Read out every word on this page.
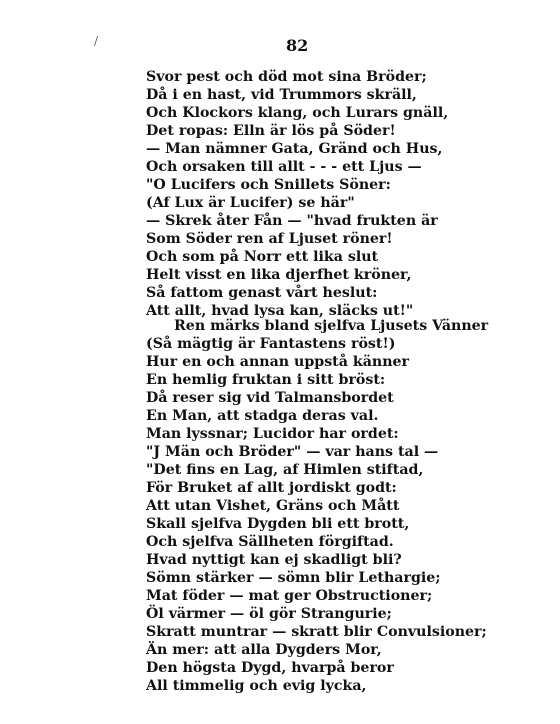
/	82
Svor pest och död mot sina Bröder;
Då i en hast, vid Trummors skräll,
Och Klockors klang, och Lurars gnäll,
Det ropas: Elln är lös på Söder!
— Man nämner Gata, Gränd och Hus,
Och orsaken till allt - - - ett Ljus —
"O Lucifers och Snillets Söner:
(Af Lux är Lucifer) se här"
— Skrek åter Fån — "hvad frukten är
Som Söder ren af Ljuset röner!
Och som på Norr ett lika slut
Helt visst en lika djerfhet kröner,
Så fattom genast vårt heslut:
Att allt, hvad lysa kan, släcks ut!"
Ren märks bland sjelfva Ljusets Vänner
(Så mägtig är Fantastens röst!)
Hur en och annan uppstå känner
En hemlig fruktan i sitt bröst:
Då reser sig vid Talmansbordet
En Man, att stadga deras val.
Man lyssnar; Lucidor har ordet:
"J Män och Bröder" — var hans tal —
"Det fins en Lag, af Himlen stiftad,
För Bruket af allt jordiskt godt:
Att utan Vishet, Gräns och Mått
Skall sjelfva Dygden bli ett brott,
Och sjelfva Sällheten förgiftad.
Hvad nyttigt kan ej skadligt bli?
Sömn stärker — sömn blir Lethargie;
Mat föder — mat ger Obstructioner;
Öl värmer — öl gör Strangurie;
Skratt muntrar — skratt blir Convulsioner;
Än mer: att alla Dygders Mor,
Den högsta Dygd, hvarpå beror
All timmelig och evig lycka,
